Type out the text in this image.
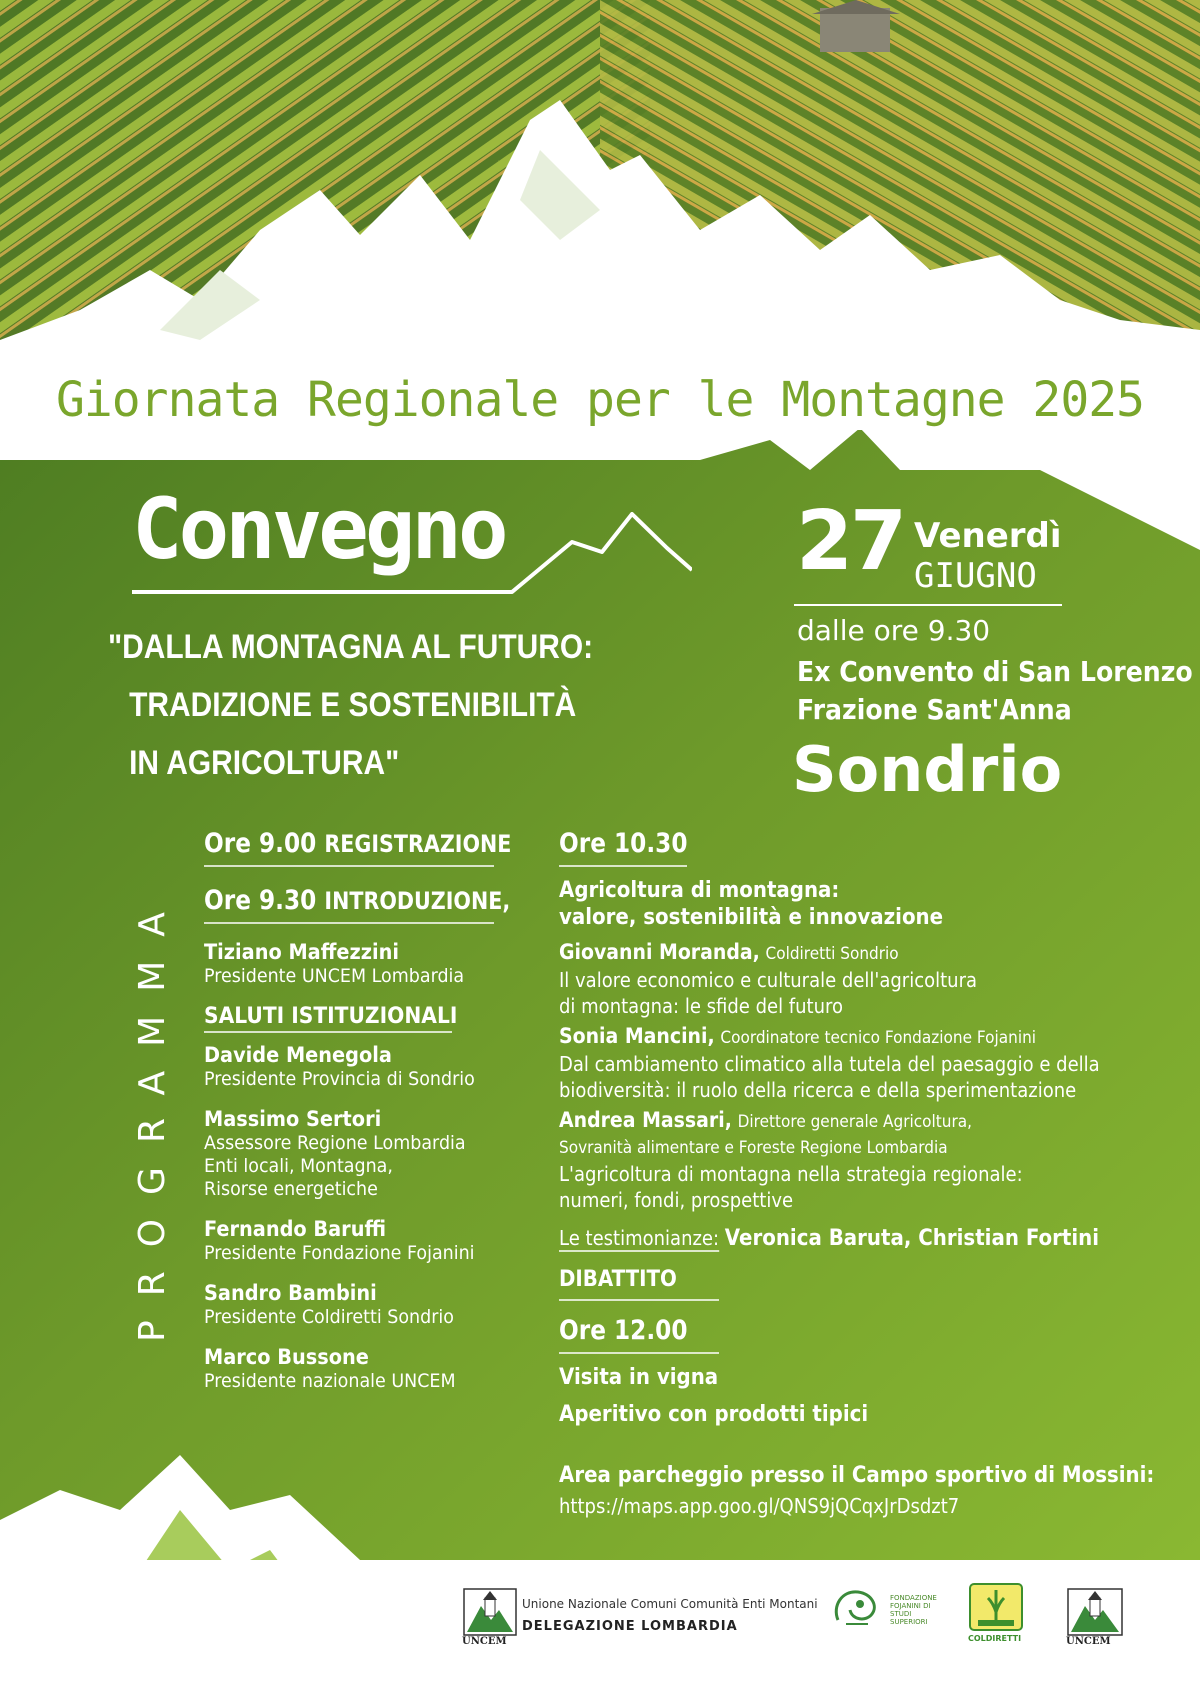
Giornata Regionale per le Montagne 2025
Convegno
"DALLA MONTAGNA AL FUTURO:
TRADIZIONE E SOSTENIBILITÀ
IN AGRICOLTURA"
27 Venerdì
GIUGNO
dalle ore 9.30
Ex Convento di San Lorenzo
Frazione Sant'Anna
Sondrio
PROGRAMMA
Ore 9.00 REGISTRAZIONE
Ore 9.30 INTRODUZIONE,
Tiziano Maffezzini
Presidente UNCEM Lombardia
SALUTI ISTITUZIONALI
Davide Menegola
Presidente Provincia di Sondrio
Massimo Sertori
Assessore Regione Lombardia
Enti locali, Montagna,
Risorse energetiche
Fernando Baruffi
Presidente Fondazione Fojanini
Sandro Bambini
Presidente Coldiretti Sondrio
Marco Bussone
Presidente nazionale UNCEM
Ore 10.30
Agricoltura di montagna:
valore, sostenibilità e innovazione
Giovanni Moranda, Coldiretti Sondrio
Il valore economico e culturale dell'agricoltura
di montagna: le sfide del futuro
Sonia Mancini, Coordinatore tecnico Fondazione Fojanini
Dal cambiamento climatico alla tutela del paesaggio e della
biodiversità: il ruolo della ricerca e della sperimentazione
Andrea Massari, Direttore generale Agricoltura,
Sovranità alimentare e Foreste Regione Lombardia
L'agricoltura di montagna nella strategia regionale:
numeri, fondi, prospettive
Le testimonianze: Veronica Baruta, Christian Fortini
DIBATTITO
Ore 12.00
Visita in vigna
Aperitivo con prodotti tipici
Area parcheggio presso il Campo sportivo di Mossini:
https://maps.app.goo.gl/QNS9jQCqxJrDsdzt7
UNCEM
Unione Nazionale Comuni Comunità Enti Montani
DELEGAZIONE LOMBARDIA
FONDAZIONE FOJANINI DI STUDI SUPERIORI
COLDIRETTI	UNCEM
